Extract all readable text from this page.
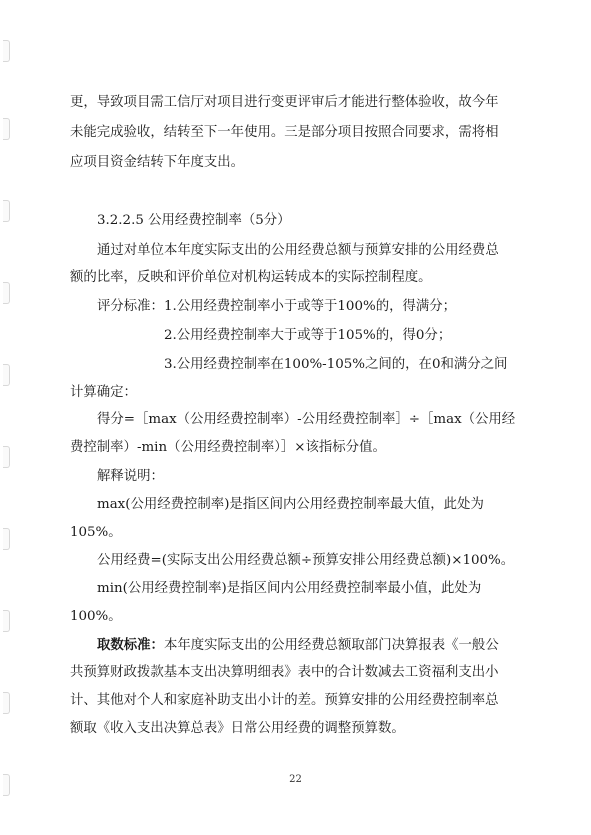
更，导致项目需工信厅对项目进行变更评审后才能进行整体验收，故今年
未能完成验收，结转至下一年使用。三是部分项目按照合同要求，需将相
应项目资金结转下年度支出。
3.2.2.5 公用经费控制率（5分）
通过对单位本年度实际支出的公用经费总额与预算安排的公用经费总
额的比率，反映和评价单位对机构运转成本的实际控制程度。
评分标准：1.公用经费控制率小于或等于100%的，得满分；
2.公用经费控制率大于或等于105%的，得0分；
3.公用经费控制率在100%-105%之间的，在0和满分之间
计算确定：
得分=［max（公用经费控制率）-公用经费控制率］÷［max（公用经
费控制率）-min（公用经费控制率）］×该指标分值。
解释说明：
max(公用经费控制率)是指区间内公用经费控制率最大值，此处为
105%。
公用经费=(实际支出公用经费总额÷预算安排公用经费总额)×100%。
min(公用经费控制率)是指区间内公用经费控制率最小值，此处为
100%。
取数标准：本年度实际支出的公用经费总额取部门决算报表《一般公
共预算财政拨款基本支出决算明细表》表中的合计数减去工资福利支出小
计、其他对个人和家庭补助支出小计的差。预算安排的公用经费控制率总
额取《收入支出决算总表》日常公用经费的调整预算数。
22
